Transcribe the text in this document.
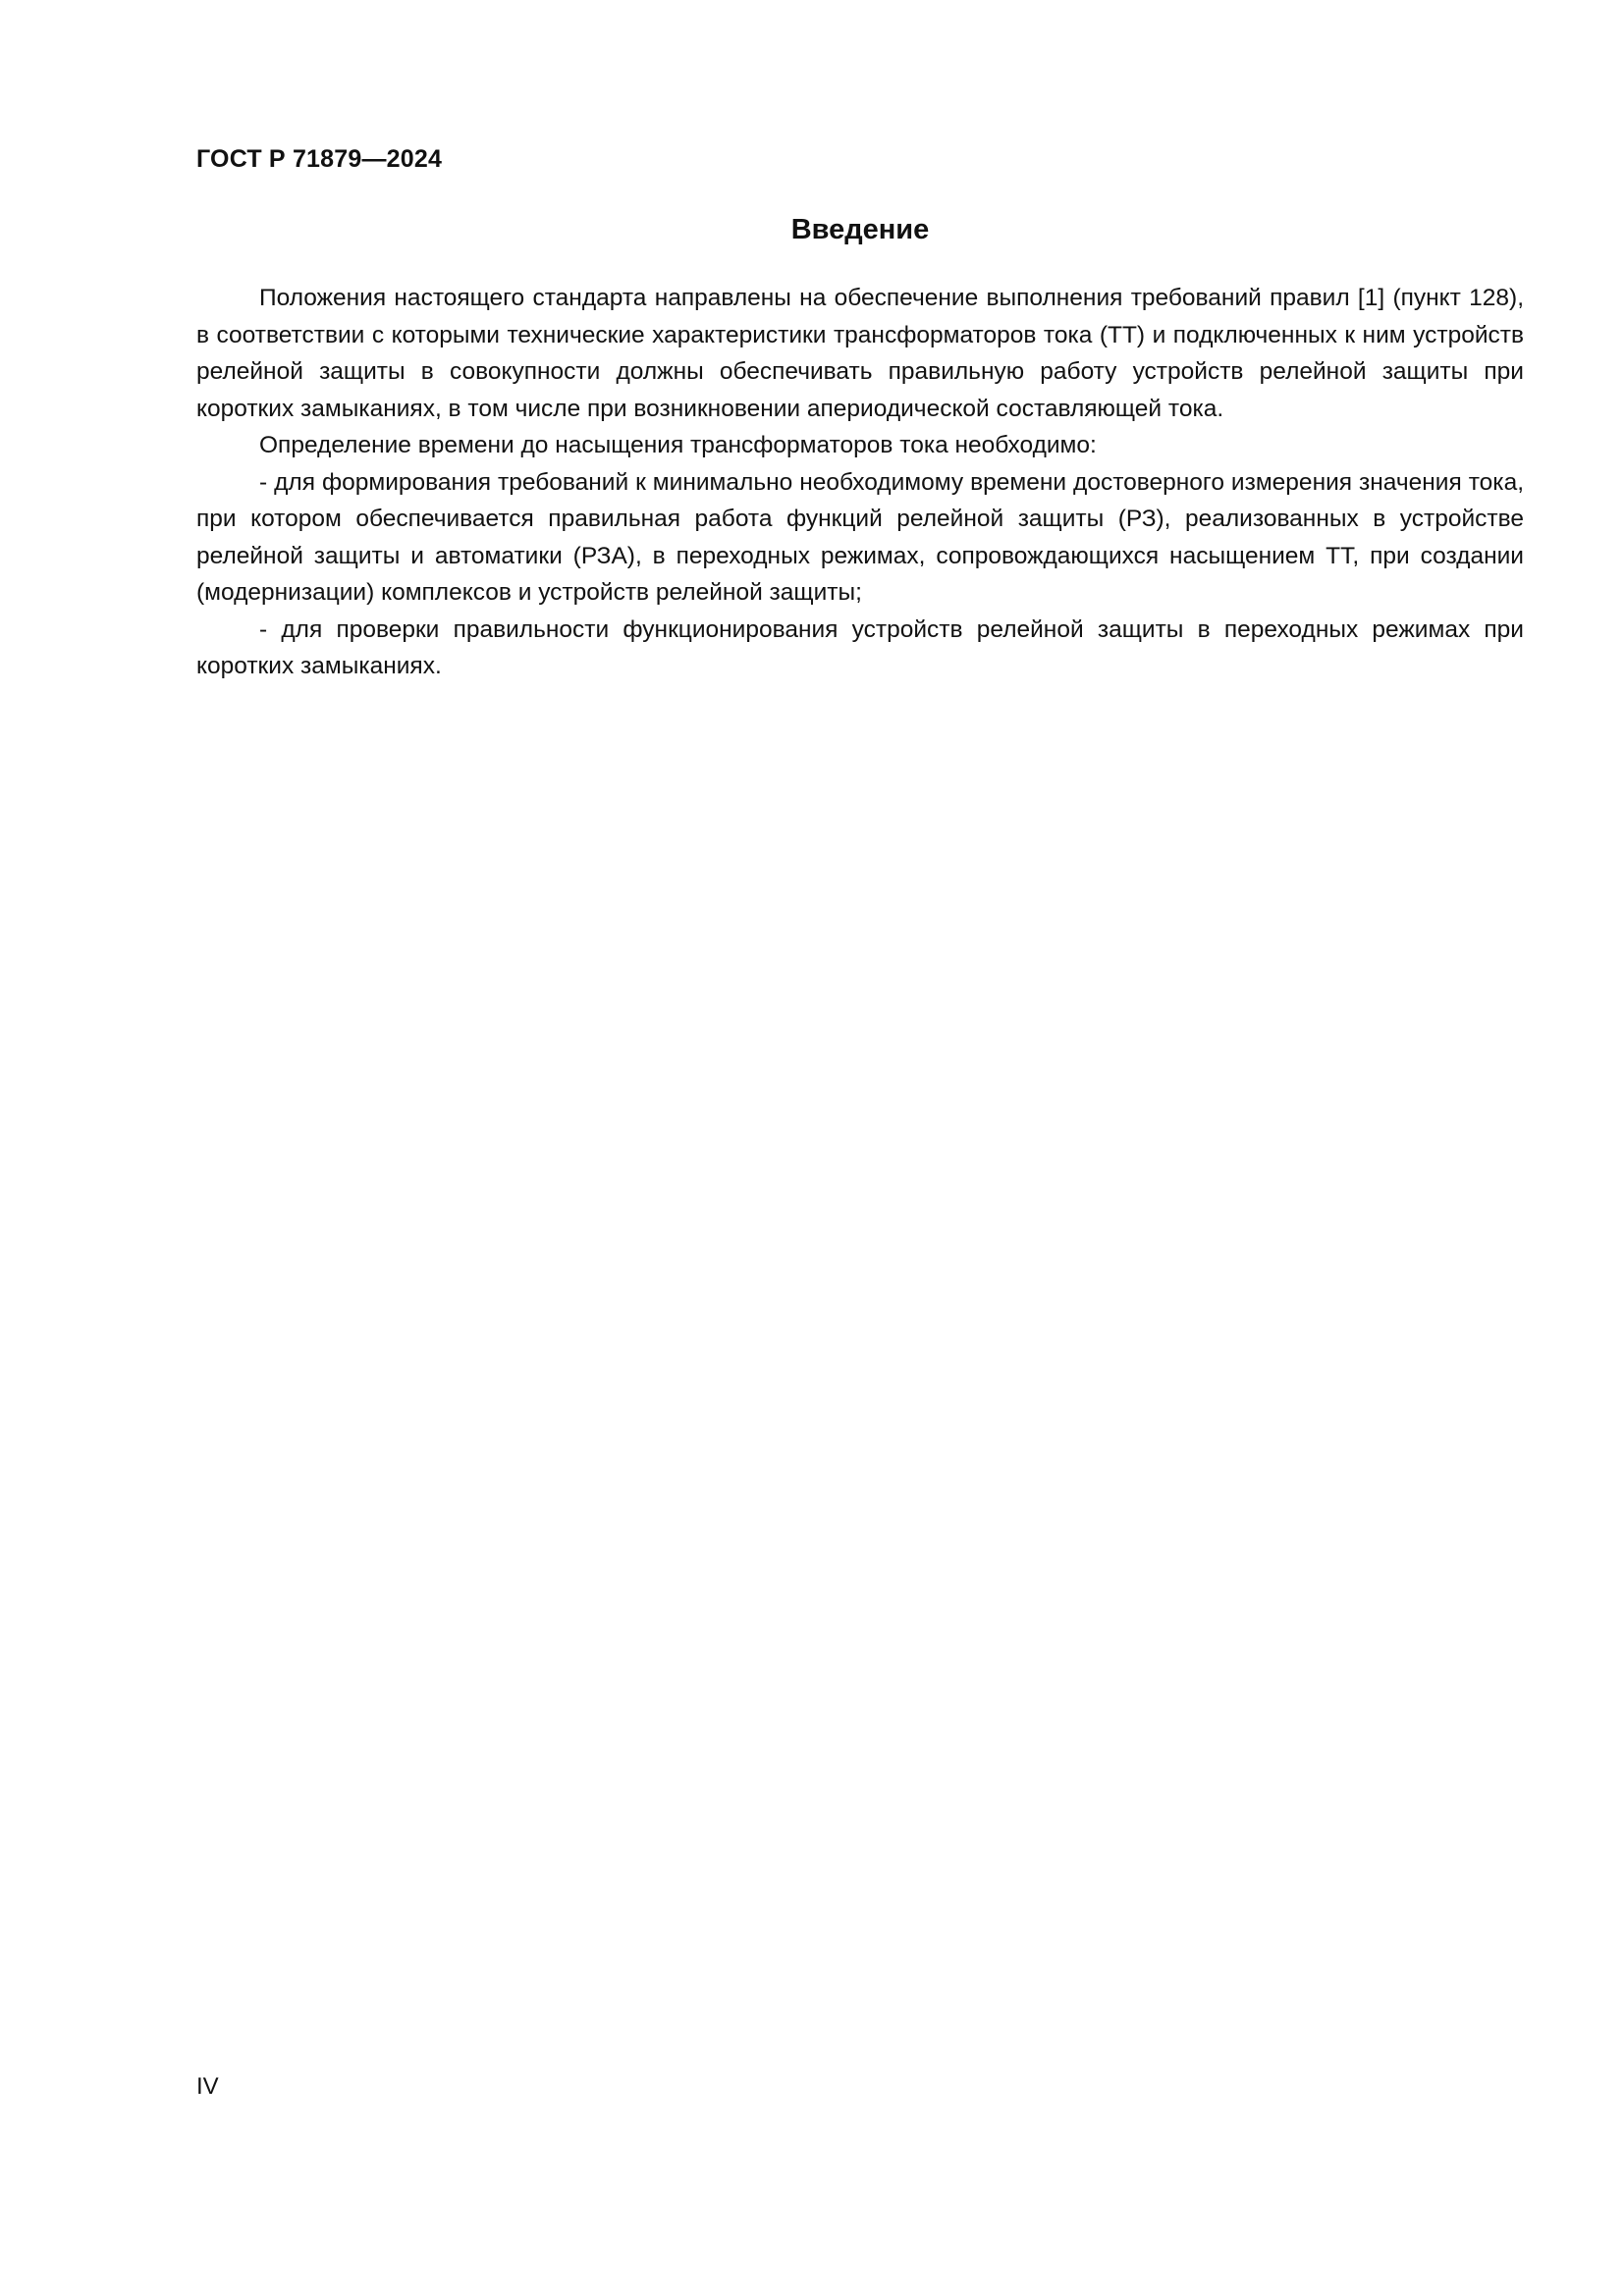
ГОСТ Р 71879—2024
Введение

Положения настоящего стандарта направлены на обеспечение выполнения требований правил [1] (пункт 128), в соответствии с которыми технические характеристики трансформаторов тока (ТТ) и подключенных к ним устройств релейной защиты в совокупности должны обеспечивать правильную работу устройств релейной защиты при коротких замыканиях, в том числе при возникновении апериодической составляющей тока.

Определение времени до насыщения трансформаторов тока необходимо:

- для формирования требований к минимально необходимому времени достоверного измерения значения тока, при котором обеспечивается правильная работа функций релейной защиты (РЗ), реализованных в устройстве релейной защиты и автоматики (РЗА), в переходных режимах, сопровождающихся насыщением ТТ, при создании (модернизации) комплексов и устройств релейной защиты;

- для проверки правильности функционирования устройств релейной защиты в переходных режимах при коротких замыканиях.

IV
